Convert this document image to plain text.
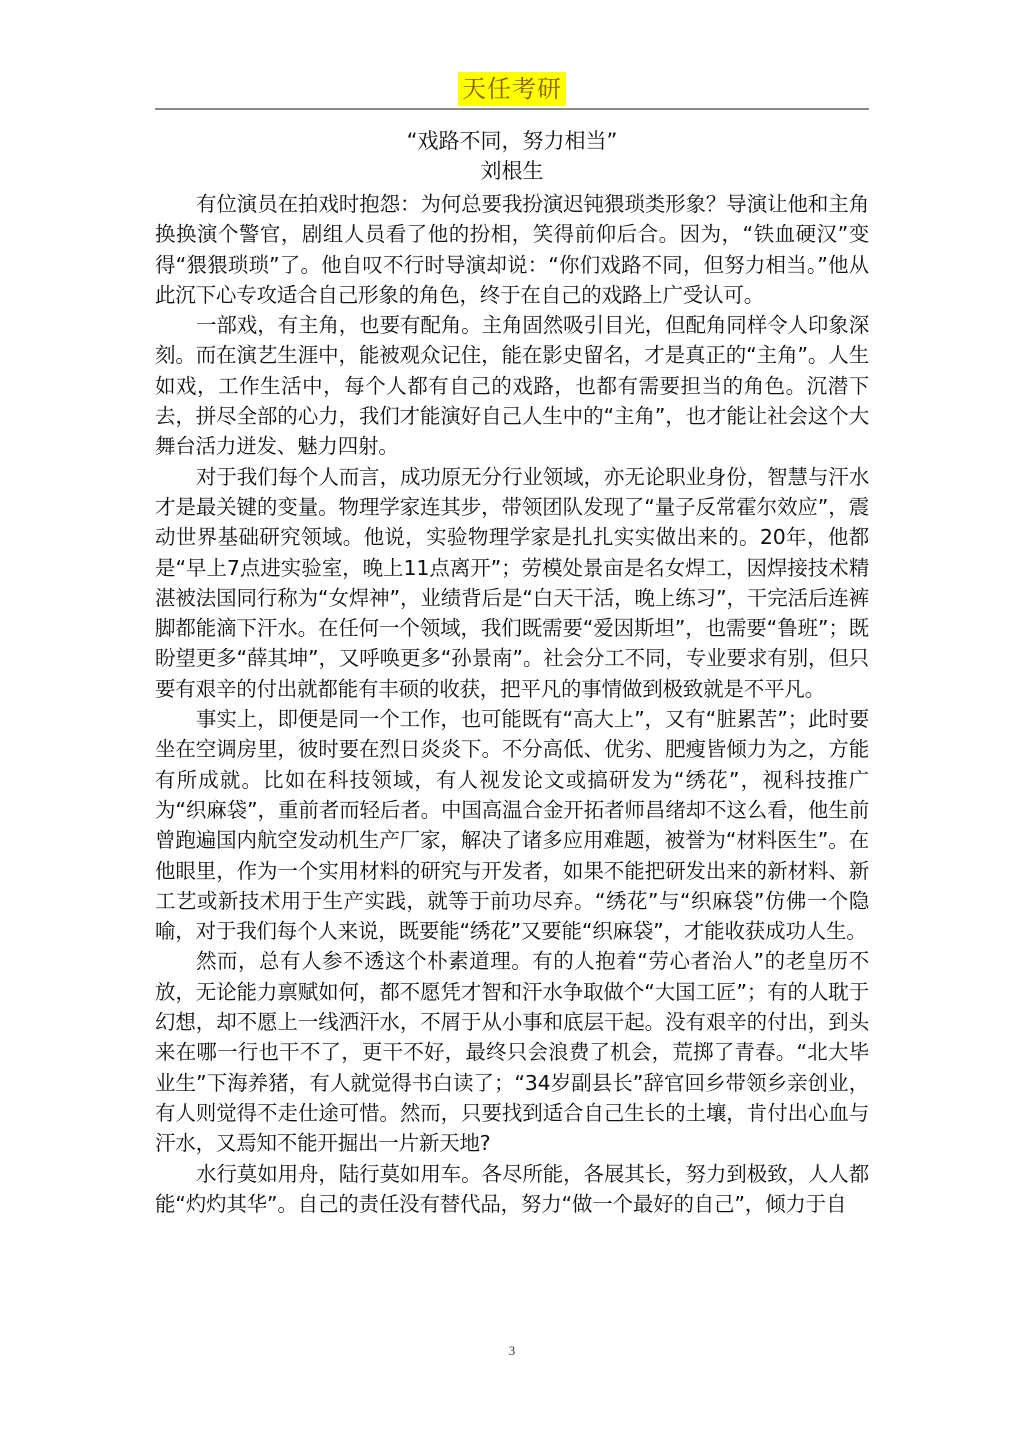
天任考研
“戏路不同，努力相当”
刘根生

有位演员在拍戏时抱怨：为何总要我扮演迟钝猥琐类形象？导演让他和主角换换演个警官，剧组人员看了他的扮相，笑得前仰后合。因为，“铁血硬汉”变得“猥猥琐琐”了。他自叹不行时导演却说：“你们戏路不同，但努力相当。”他从此沉下心专攻适合自己形象的角色，终于在自己的戏路上广受认可。

一部戏，有主角，也要有配角。主角固然吸引目光，但配角同样令人印象深刻。而在演艺生涯中，能被观众记住，能在影史留名，才是真正的“主角”。人生如戏，工作生活中，每个人都有自己的戏路，也都有需要担当的角色。沉潜下去，拼尽全部的心力，我们才能演好自己人生中的“主角”，也才能让社会这个大舞台活力迸发、魅力四射。

对于我们每个人而言，成功原无分行业领域，亦无论职业身份，智慧与汗水才是最关键的变量。物理学家连其步，带领团队发现了“量子反常霍尔效应”，震动世界基础研究领域。他说，实验物理学家是扎扎实实做出来的。20年，他都是“早上7点进实验室，晚上11点离开”；劳模处景亩是名女焊工，因焊接技术精湛被法国同行称为“女焊神”，业绩背后是“白天干活，晚上练习”，干完活后连裤脚都能滴下汗水。在任何一个领域，我们既需要“爱因斯坦”，也需要“鲁班”；既盼望更多“薛其坤”，又呼唤更多“孙景南”。社会分工不同，专业要求有别，但只要有艰辛的付出就都能有丰硕的收获，把平凡的事情做到极致就是不平凡。

事实上，即便是同一个工作，也可能既有“高大上”，又有“脏累苦”；此时要坐在空调房里，彼时要在烈日炎炎下。不分高低、优劣、肥瘦皆倾力为之，方能有所成就。比如在科技领域，有人视发论文或搞研发为“绣花”，视科技推广为“织麻袋”，重前者而轻后者。中国高温合金开拓者师昌绪却不这么看，他生前曾跑遍国内航空发动机生产厂家，解决了诸多应用难题，被誉为“材料医生”。在他眼里，作为一个实用材料的研究与开发者，如果不能把研发出来的新材料、新工艺或新技术用于生产实践，就等于前功尽弃。“绣花”与“织麻袋”仿佛一个隐喻，对于我们每个人来说，既要能“绣花”又要能“织麻袋”，才能收获成功人生。

然而，总有人参不透这个朴素道理。有的人抱着“劳心者治人”的老皇历不放，无论能力禀赋如何，都不愿凭才智和汗水争取做个“大国工匠”；有的人耽于幻想，却不愿上一线洒汗水，不屑于从小事和底层干起。没有艰辛的付出，到头来在哪一行也干不了，更干不好，最终只会浪费了机会，荒掷了青春。“北大毕业生”下海养猪，有人就觉得书白读了；“34岁副县长”辞官回乡带领乡亲创业，有人则觉得不走仕途可惜。然而，只要找到适合自己生长的土壤，肯付出心血与汗水，又焉知不能开掘出一片新天地?

水行莫如用舟，陆行莫如用车。各尽所能，各展其长，努力到极致，人人都能“灼灼其华”。自己的责任没有替代品，努力“做一个最好的自己”，倾力于自

3
